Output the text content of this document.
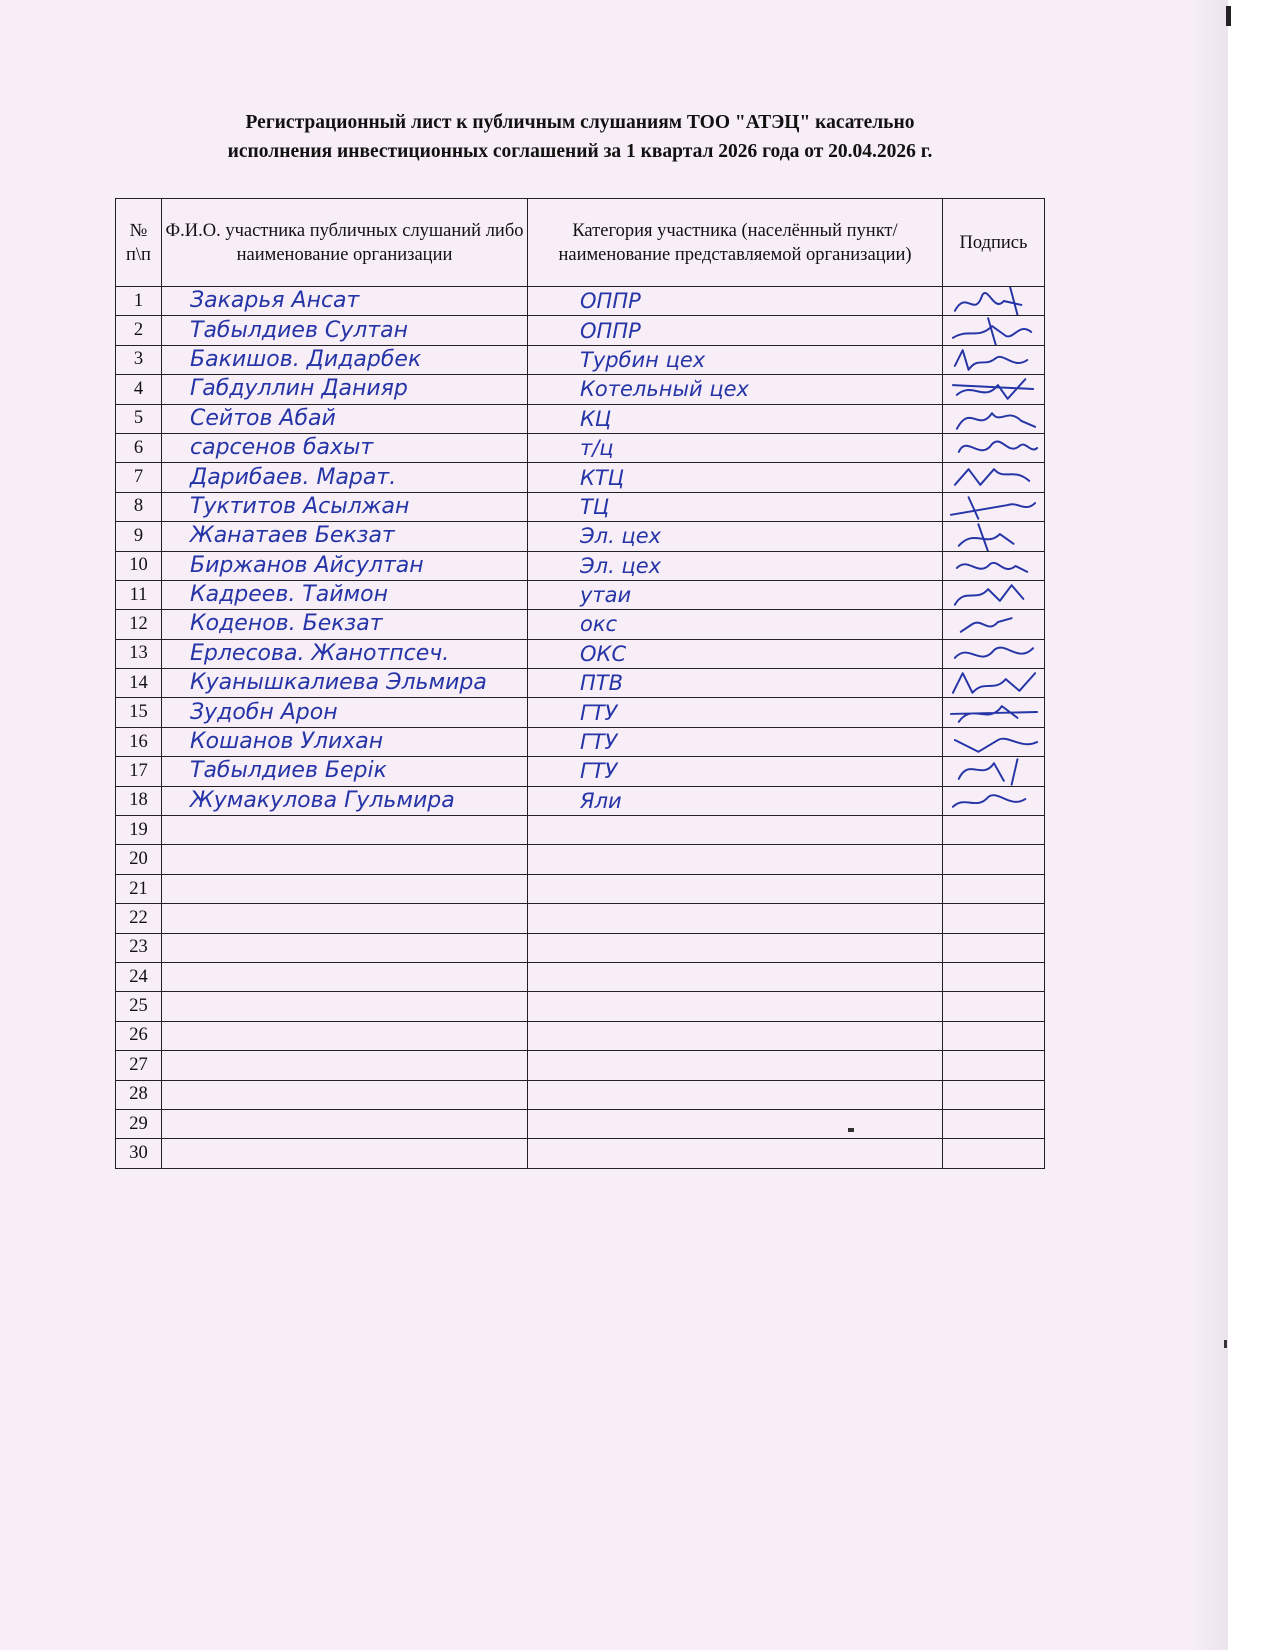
Регистрационный лист к публичным слушаниям ТОО "АТЭЦ" касательно
исполнения инвестиционных соглашений за 1 квартал 2026 года от 20.04.2026 г.
№ п\п	Ф.И.О. участника публичных слушаний либо наименование организации	Категория участника (населённый пункт/наименование представляемой организации)	Подпись
1	Закарья Ансат	ОППР

2	Табылдиев Султан	ОППР

3	Бакишов. Дидарбек	Турбин цех

4	Габдуллин Данияр	Котельный цех

5	Сейтов Абай	КЦ

6	сарсенов бахыт	т/ц

7	Дарибаев. Марат.	КТЦ

8	Туктитов Асылжан	ТЦ

9	Жанатаев Бекзат	Эл. цех

10	Биржанов Айсултан	Эл. цех

11	Кадреев. Таймон	утаи

12	Коденов. Бекзат	окс

13	Ерлесова. Жанотпсеч.	ОКС

14	Куанышкалиева Эльмира	ПТВ

15	Зудобн Арон	ГТУ

16	Кошанов Улихан	ГТУ

17	Табылдиев Берік	ГТУ

18	Жумакулова Гульмира	Яли

19	

20	

21	

22	

23	

24	

25	

26	

27	

28	

29	

30	
